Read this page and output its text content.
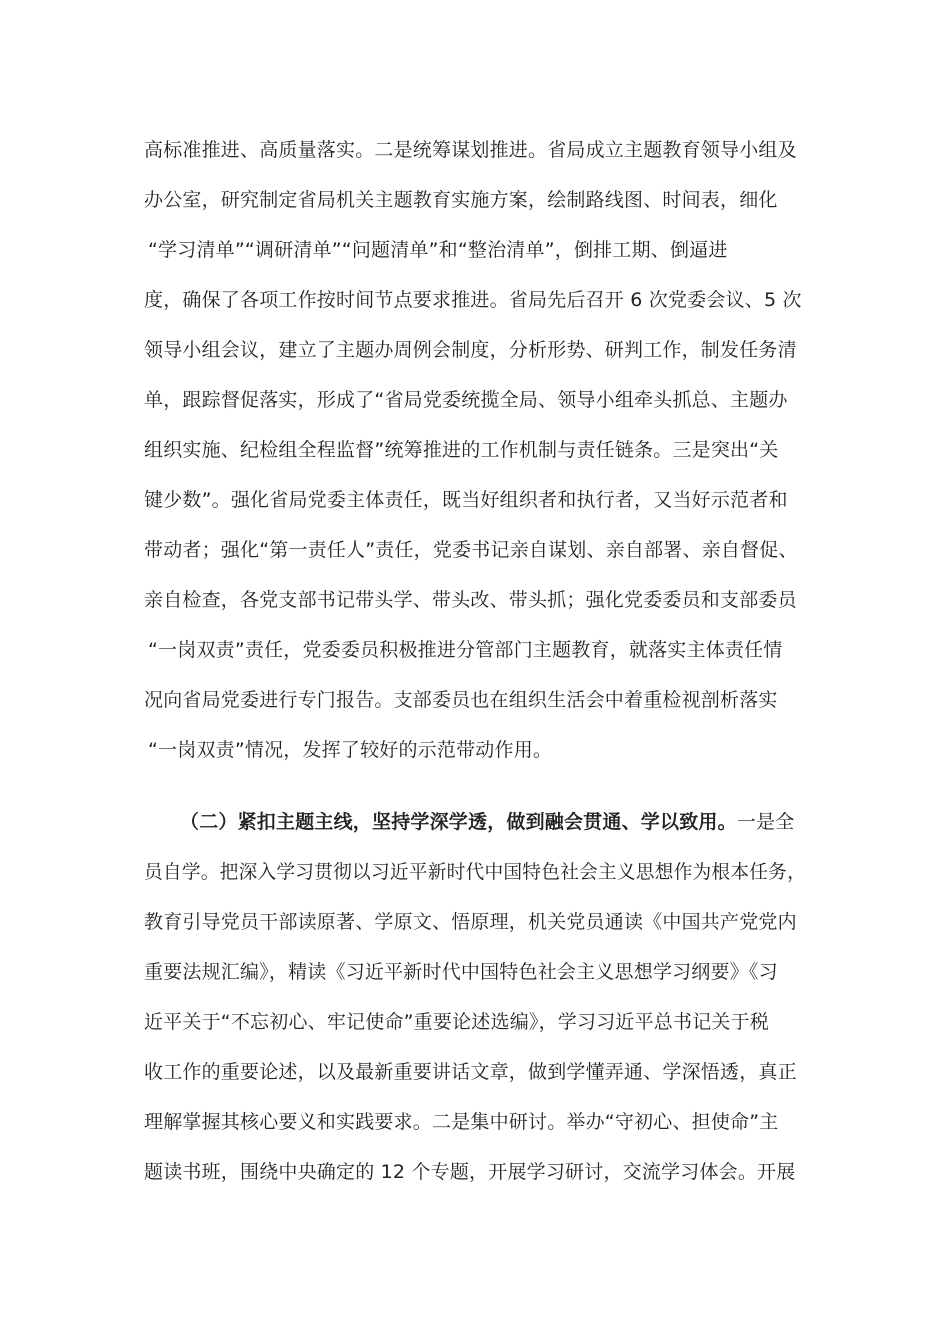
高标准推进、高质量落实。二是统筹谋划推进。省局成立主题教育领导小组及
办公室，研究制定省局机关主题教育实施方案，绘制路线图、时间表，细化
“学习清单”“调研清单”“问题清单”和“整治清单”，倒排工期、倒逼进
度，确保了各项工作按时间节点要求推进。省局先后召开 6 次党委会议、5 次
领导小组会议，建立了主题办周例会制度，分析形势、研判工作，制发任务清
单，跟踪督促落实，形成了“省局党委统揽全局、领导小组牵头抓总、主题办
组织实施、纪检组全程监督”统筹推进的工作机制与责任链条。三是突出“关
键少数”。强化省局党委主体责任，既当好组织者和执行者，又当好示范者和
带动者；强化“第一责任人”责任，党委书记亲自谋划、亲自部署、亲自督促、
亲自检查，各党支部书记带头学、带头改、带头抓；强化党委委员和支部委员
“一岗双责”责任，党委委员积极推进分管部门主题教育，就落实主体责任情
况向省局党委进行专门报告。支部委员也在组织生活会中着重检视剖析落实
“一岗双责”情况，发挥了较好的示范带动作用。
（二）紧扣主题主线，坚持学深学透，做到融会贯通、学以致用。一是全
员自学。把深入学习贯彻以习近平新时代中国特色社会主义思想作为根本任务，
教育引导党员干部读原著、学原文、悟原理，机关党员通读《中国共产党党内
重要法规汇编》，精读《习近平新时代中国特色社会主义思想学习纲要》《习
近平关于“不忘初心、牢记使命”重要论述选编》，学习习近平总书记关于税
收工作的重要论述，以及最新重要讲话文章，做到学懂弄通、学深悟透，真正
理解掌握其核心要义和实践要求。二是集中研讨。举办“守初心、担使命”主
题读书班，围绕中央确定的 12 个专题，开展学习研讨，交流学习体会。开展
